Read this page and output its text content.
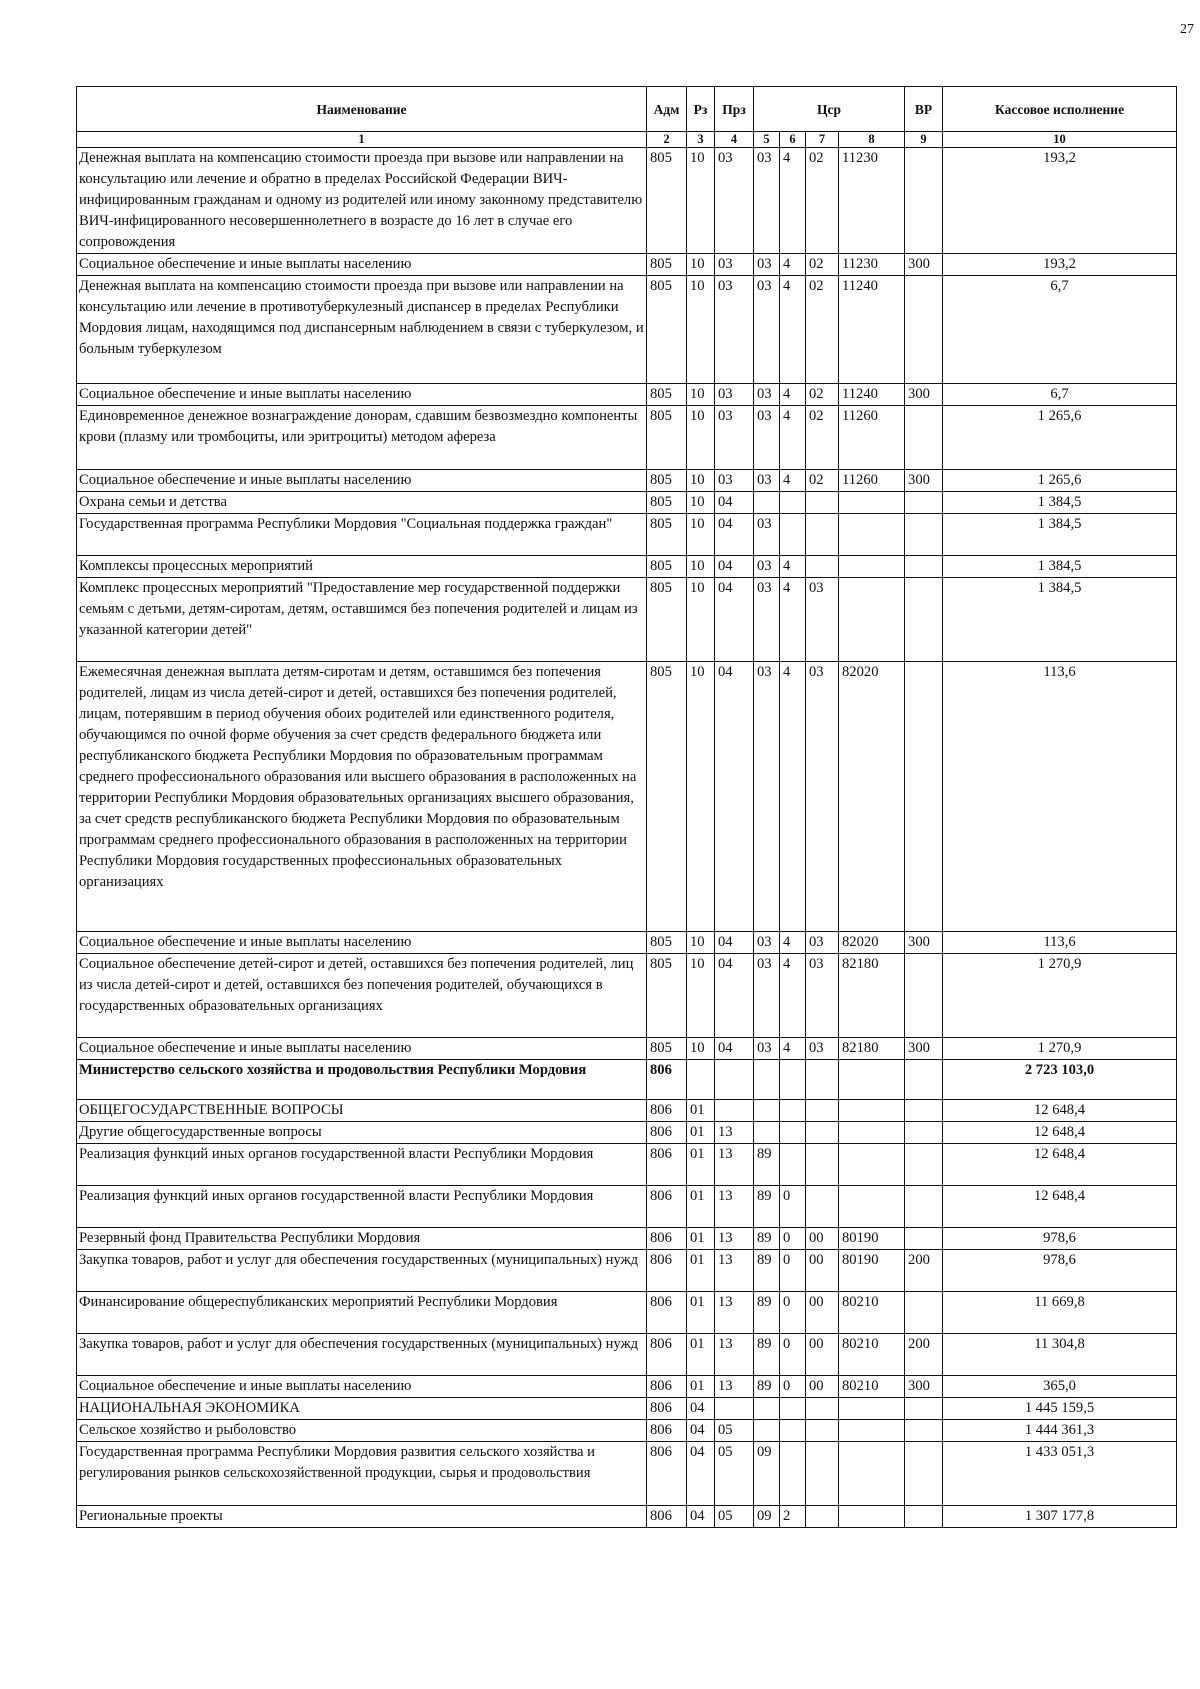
27
Наименование	Адм	Рз	Прз	Цср				ВР	Кассовое исполнение
1	2	3	4	5	6	7	8	9	10
Денежная выплата на компенсацию стоимости проезда при вызове или направлении на консультацию или лечение и обратно в пределах Российской Федерации ВИЧ-инфицированным гражданам и одному из родителей или иному законному представителю ВИЧ-инфицированного несовершеннолетнего в возрасте до 16 лет в случае его сопровождения	805	10	03	03	4	02	11230		193,2
Социальное обеспечение и иные выплаты населению	805	10	03	03	4	02	11230	300	193,2
Денежная выплата на компенсацию стоимости проезда при вызове или направлении на консультацию или лечение в противотуберкулезный диспансер в пределах Республики Мордовия лицам, находящимся под диспансерным наблюдением в связи с туберкулезом, и больным туберкулезом	805	10	03	03	4	02	11240		6,7
Социальное обеспечение и иные выплаты населению	805	10	03	03	4	02	11240	300	6,7
Единовременное денежное вознаграждение донорам, сдавшим безвозмездно компоненты крови (плазму или тромбоциты, или эритроциты) методом афереза	805	10	03	03	4	02	11260		1 265,6
Социальное обеспечение и иные выплаты населению	805	10	03	03	4	02	11260	300	1 265,6
Охрана семьи и детства	805	10	04						1 384,5
Государственная программа Республики Мордовия "Социальная поддержка граждан"	805	10	04	03					1 384,5
Комплексы процессных мероприятий	805	10	04	03	4				1 384,5
Комплекс процессных мероприятий "Предоставление мер государственной поддержки семьям с детьми, детям-сиротам, детям, оставшимся без попечения родителей и лицам из указанной категории детей"	805	10	04	03	4	03			1 384,5
Ежемесячная денежная выплата детям-сиротам и детям, оставшимся без попечения родителей, лицам из числа детей-сирот и детей, оставшихся без попечения родителей, лицам, потерявшим в период обучения обоих родителей или единственного родителя, обучающимся по очной форме обучения за счет средств федерального бюджета или республиканского бюджета Республики Мордовия по образовательным программам среднего профессионального образования или высшего образования в расположенных на территории Республики Мордовия образовательных организациях высшего образования, за счет средств республиканского бюджета Республики Мордовия по образовательным программам среднего профессионального образования в расположенных на территории Республики Мордовия государственных профессиональных образовательных организациях	805	10	04	03	4	03	82020		113,6
Социальное обеспечение и иные выплаты населению	805	10	04	03	4	03	82020	300	113,6
Социальное обеспечение детей-сирот и детей, оставшихся без попечения родителей, лиц из числа детей-сирот и детей, оставшихся без попечения родителей, обучающихся в государственных образовательных организациях	805	10	04	03	4	03	82180		1 270,9
Социальное обеспечение и иные выплаты населению	805	10	04	03	4	03	82180	300	1 270,9
Министерство сельского хозяйства и продовольствия Республики Мордовия	806								2 723 103,0
ОБЩЕГОСУДАРСТВЕННЫЕ ВОПРОСЫ	806	01							12 648,4
Другие общегосударственные вопросы	806	01	13						12 648,4
Реализация функций иных органов государственной власти Республики Мордовия	806	01	13	89					12 648,4
Реализация функций иных органов государственной власти Республики Мордовия	806	01	13	89	0				12 648,4
Резервный фонд Правительства Республики Мордовия	806	01	13	89	0	00	80190		978,6
Закупка товаров, работ и услуг для обеспечения государственных (муниципальных) нужд	806	01	13	89	0	00	80190	200	978,6
Финансирование общереспубликанских мероприятий Республики Мордовия	806	01	13	89	0	00	80210		11 669,8
Закупка товаров, работ и услуг для обеспечения государственных (муниципальных) нужд	806	01	13	89	0	00	80210	200	11 304,8
Социальное обеспечение и иные выплаты населению	806	01	13	89	0	00	80210	300	365,0
НАЦИОНАЛЬНАЯ ЭКОНОМИКА	806	04							1 445 159,5
Сельское хозяйство и рыболовство	806	04	05						1 444 361,3
Государственная программа Республики Мордовия развития сельского хозяйства и регулирования рынков сельскохозяйственной продукции, сырья и продовольствия	806	04	05	09					1 433 051,3
Региональные проекты	806	04	05	09	2				1 307 177,8
